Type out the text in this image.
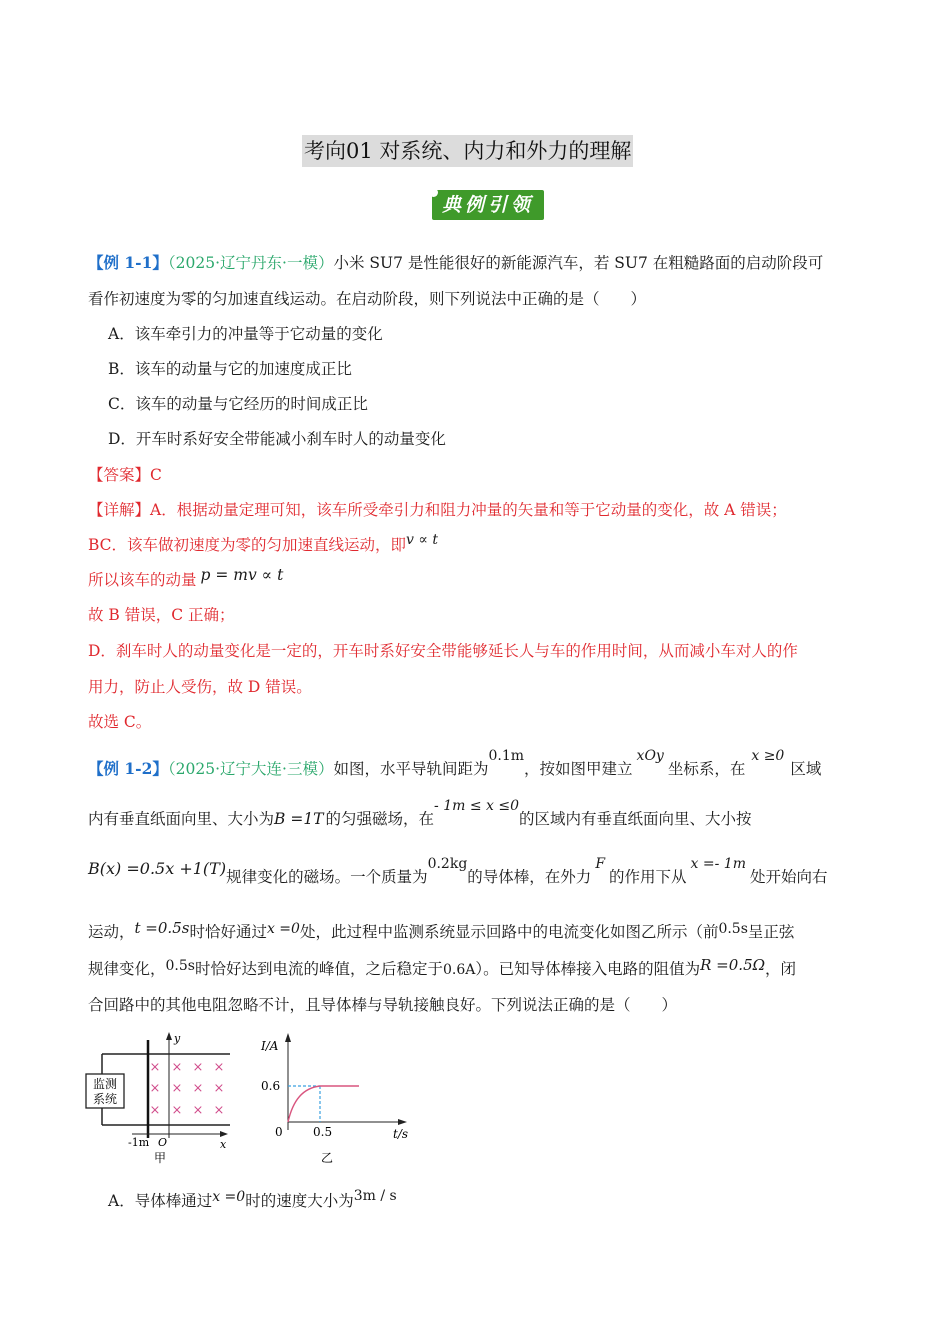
考向01 对系统、内力和外力的理解
典例引领
【例 1-1】（2025·辽宁丹东·一模）小米 SU7 是性能很好的新能源汽车，若 SU7 在粗糙路面的启动阶段可
看作初速度为零的匀加速直线运动。在启动阶段，则下列说法中正确的是（　　）
A．该车牵引力的冲量等于它动量的变化
B．该车的动量与它的加速度成正比
C．该车的动量与它经历的时间成正比
D．开车时系好安全带能减小刹车时人的动量变化
【答案】C
【详解】A．根据动量定理可知，该车所受牵引力和阻力冲量的矢量和等于它动量的变化，故 A 错误；
BC．该车做初速度为零的匀加速直线运动，即v ∝ t
所以该车的动量 p = mv ∝ t
故 B 错误，C 正确；
D．刹车时人的动量变化是一定的，开车时系好安全带能够延长人与车的作用时间，从而减小车对人的作
用力，防止人受伤，故 D 错误。
故选 C。
【例 1-2】（2025·辽宁大连·三模）如图，水平导轨间距为0.1m，按如图甲建立xOy坐标系，在x ≥0区域
内有垂直纸面向里、大小为B =1T 的匀强磁场，在- 1m ≤ x ≤0的区域内有垂直纸面向里、大小按
B(x) =0.5x +1(T)规律变化的磁场。一个质量为0.2kg的导体棒，在外力F的作用下从x =- 1m处开始向右
运动，t =0.5s时恰好通过x =0处，此过程中监测系统显示回路中的电流变化如图乙所示（前0.5s呈正弦
规律变化，0.5s时恰好达到电流的峰值，之后稳定于0.6A）。已知导体棒接入电路的阻值为R =0.5Ω，闭
合回路中的其他电阻忽略不计，且导体棒与导轨接触良好。下列说法正确的是（　　）
监测
系统
y
x
O
-1m
× × × ×
× × × ×
× × × ×
甲
I/A
t/s
0
0.6
0.5
乙
A．导体棒通过x =0时的速度大小为3m / s
